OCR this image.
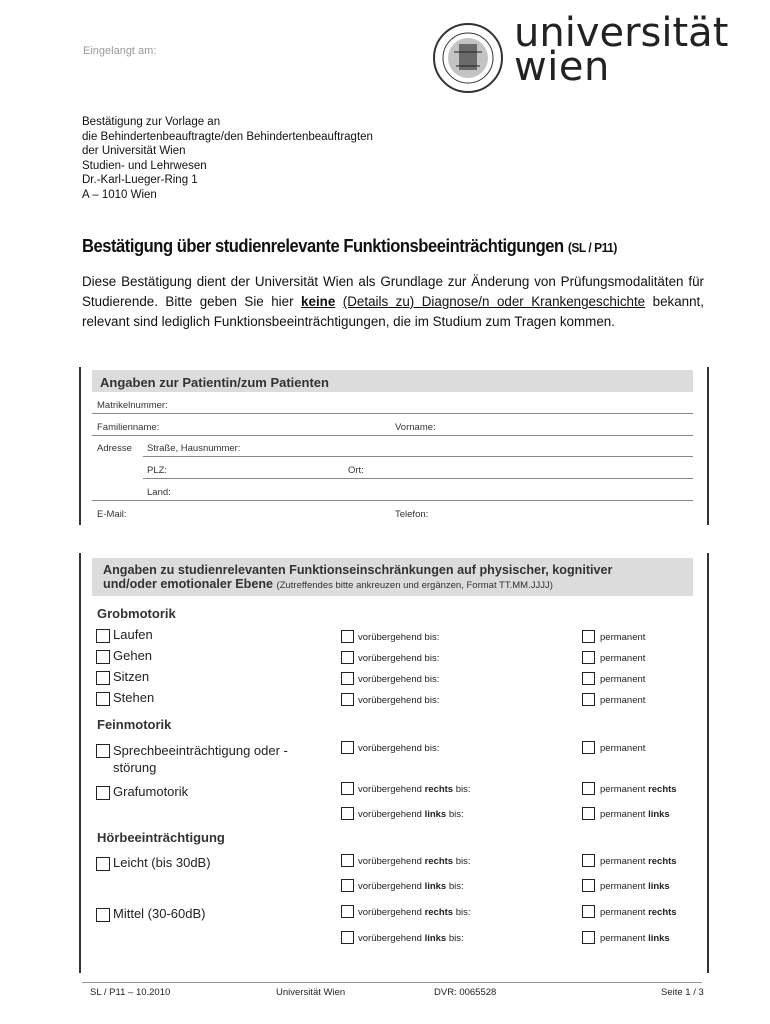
Eingelangt am:	universität
wien
Bestätigung zur Vorlage an
die Behindertenbeauftragte/den Behindertenbeauftragten
der Universität Wien
Studien- und Lehrwesen
Dr.-Karl-Lueger-Ring 1
A – 1010 Wien
Bestätigung über studienrelevante Funktionsbeeinträchtigungen (SL / P11)
Diese Bestätigung dient der Universität Wien als Grundlage zur Änderung von Prüfungsmodalitäten für Studierende. Bitte geben Sie hier keine (Details zu) Diagnose/n oder Krankengeschichte bekannt, relevant sind lediglich Funktionsbeeinträchtigungen, die im Studium zum Tragen kommen.
Angaben zur Patientin/zum Patienten
Matrikelnummer:
Familienname:	Vorname:
Adresse Straße, Hausnummer:
PLZ:	Ort:
Land:
E-Mail:	Telefon:
Angaben zu studienrelevanten Funktionseinschränkungen auf physischer, kognitiver
und/oder emotionaler Ebene (Zutreffendes bitte ankreuzen und ergänzen, Format TT.MM.JJJJ)
Grobmotorik
Laufen	vorübergehend bis:	permanent
Gehen	vorübergehend bis:	permanent
Sitzen	vorübergehend bis:	permanent
Stehen	vorübergehend bis:	permanent
Feinmotorik
Sprechbeeinträchtigung oder -
störung
vorübergehend bis:	permanent
Grafumotorik	vorübergehend rechts bis:	permanent rechts
vorübergehend links bis:	permanent links
Hörbeeinträchtigung
Leicht (bis 30dB)	vorübergehend rechts bis:	permanent rechts
vorübergehend links bis:	permanent links
Mittel (30-60dB)	vorübergehend rechts bis:	permanent rechts
vorübergehend links bis:	permanent links
SL / P11 – 10.2010	Universität Wien	DVR: 0065528	Seite 1 / 3
